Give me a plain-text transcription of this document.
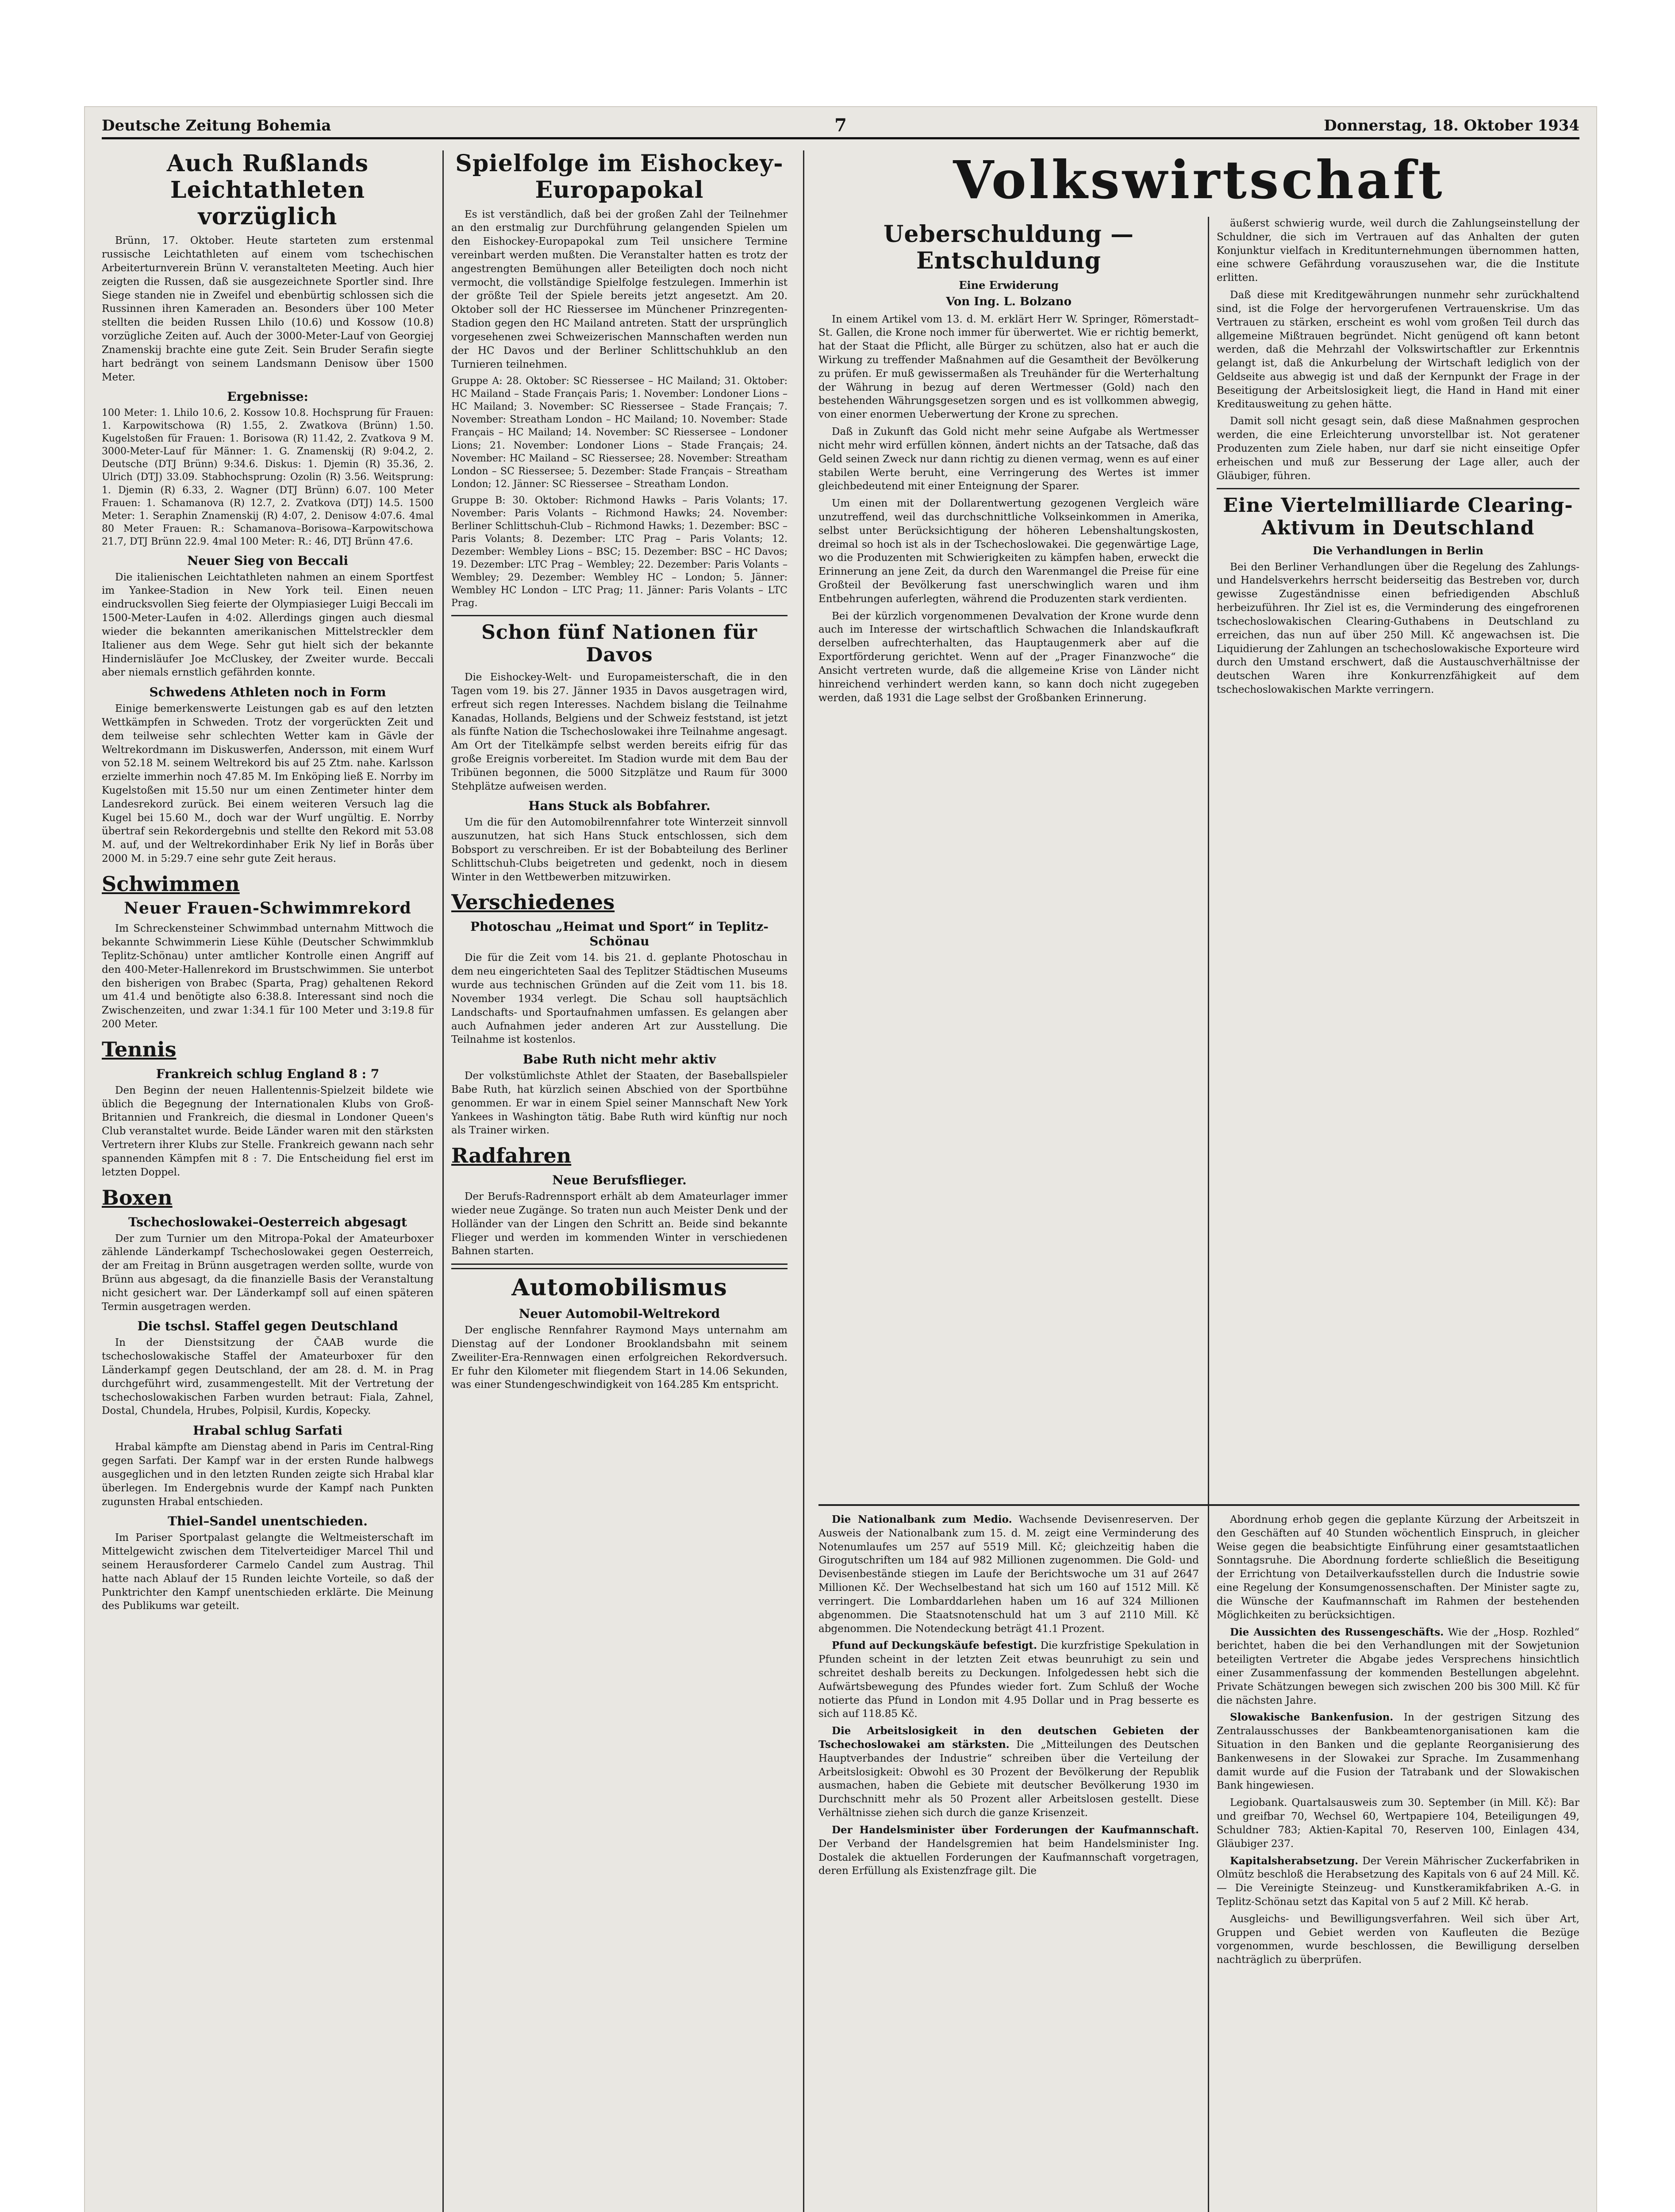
Deutsche Zeitung Bohemia	7	Donnerstag, 18. Oktober 1934
Auch Rußlands Leichtathleten vorzüglich

Brünn, 17. Oktober. Heute starteten zum erstenmal russische Leichtathleten auf einem vom tschechischen Arbeiterturnverein Brünn V. veranstalteten Meeting. Auch hier zeigten die Russen, daß sie ausgezeichnete Sportler sind. Ihre Siege standen nie in Zweifel und ebenbürtig schlossen sich die Russinnen ihren Kameraden an. Besonders über 100 Meter stellten die beiden Russen Lhilo (10.6) und Kossow (10.8) vorzügliche Zeiten auf. Auch der 3000-Meter-Lauf von Georgiej Znamenskij brachte eine gute Zeit. Sein Bruder Serafin siegte hart bedrängt von seinem Landsmann Denisow über 1500 Meter.

Ergebnisse:

100 Meter: 1. Lhilo 10.6, 2. Kossow 10.8. Hochsprung für Frauen: 1. Karpowitschowa (R) 1.55, 2. Zwatkova (Brünn) 1.50. Kugelstoßen für Frauen: 1. Borisowa (R) 11.42, 2. Zvatkova 9 M. 3000-Meter-Lauf für Männer: 1. G. Znamenskij (R) 9:04.2, 2. Deutsche (DTJ Brünn) 9:34.6. Diskus: 1. Djemin (R) 35.36, 2. Ulrich (DTJ) 33.09. Stabhochsprung: Ozolin (R) 3.56. Weitsprung: 1. Djemin (R) 6.33, 2. Wagner (DTJ Brünn) 6.07. 100 Meter Frauen: 1. Schamanova (R) 12.7, 2. Zvatkova (DTJ) 14.5. 1500 Meter: 1. Seraphin Znamenskij (R) 4:07, 2. Denisow 4:07.6. 4mal 80 Meter Frauen: R.: Schamanova–Borisowa–Karpowitschowa 21.7, DTJ Brünn 22.9. 4mal 100 Meter: R.: 46, DTJ Brünn 47.6.

Neuer Sieg von Beccali

Die italienischen Leichtathleten nahmen an einem Sportfest im Yankee-Stadion in New York teil. Einen neuen eindrucksvollen Sieg feierte der Olympiasieger Luigi Beccali im 1500-Meter-Laufen in 4:02. Allerdings gingen auch diesmal wieder die bekannten amerikanischen Mittelstreckler dem Italiener aus dem Wege. Sehr gut hielt sich der bekannte Hindernisläufer Joe McCluskey, der Zweiter wurde. Beccali aber niemals ernstlich gefährden konnte.

Schwedens Athleten noch in Form

Einige bemerkenswerte Leistungen gab es auf den letzten Wettkämpfen in Schweden. Trotz der vorgerückten Zeit und dem teilweise sehr schlechten Wetter kam in Gävle der Weltrekordmann im Diskuswerfen, Andersson, mit einem Wurf von 52.18 M. seinem Weltrekord bis auf 25 Ztm. nahe. Karlsson erzielte immerhin noch 47.85 M. Im Enköping ließ E. Norrby im Kugelstoßen mit 15.50 nur um einen Zentimeter hinter dem Landesrekord zurück. Bei einem weiteren Versuch lag die Kugel bei 15.60 M., doch war der Wurf ungültig. E. Norrby übertraf sein Rekordergebnis und stellte den Rekord mit 53.08 M. auf, und der Weltrekordinhaber Erik Ny lief in Borås über 2000 M. in 5:29.7 eine sehr gute Zeit heraus.

Schwimmen
Neuer Frauen-Schwimmrekord

Im Schreckensteiner Schwimmbad unternahm Mittwoch die bekannte Schwimmerin Liese Kühle (Deutscher Schwimmklub Teplitz-Schönau) unter amtlicher Kontrolle einen Angriff auf den 400-Meter-Hallenrekord im Brustschwimmen. Sie unterbot den bisherigen von Brabec (Sparta, Prag) gehaltenen Rekord um 41.4 und benötigte also 6:38.8. Interessant sind noch die Zwischenzeiten, und zwar 1:34.1 für 100 Meter und 3:19.8 für 200 Meter.

Tennis
Frankreich schlug England 8 : 7

Den Beginn der neuen Hallentennis-Spielzeit bildete wie üblich die Begegnung der Internationalen Klubs von Groß-Britannien und Frankreich, die diesmal in Londoner Queen's Club veranstaltet wurde. Beide Länder waren mit den stärksten Vertretern ihrer Klubs zur Stelle. Frankreich gewann nach sehr spannenden Kämpfen mit 8 : 7. Die Entscheidung fiel erst im letzten Doppel.

Boxen
Tschechoslowakei–Oesterreich abgesagt

Der zum Turnier um den Mitropa-Pokal der Amateurboxer zählende Länderkampf Tschechoslowakei gegen Oesterreich, der am Freitag in Brünn ausgetragen werden sollte, wurde von Brünn aus abgesagt, da die finanzielle Basis der Veranstaltung nicht gesichert war. Der Länderkampf soll auf einen späteren Termin ausgetragen werden.

Die tschsl. Staffel gegen Deutschland

In der Dienstsitzung der ČAAB wurde die tschechoslowakische Staffel der Amateurboxer für den Länderkampf gegen Deutschland, der am 28. d. M. in Prag durchgeführt wird, zusammengestellt. Mit der Vertretung der tschechoslowakischen Farben wurden betraut: Fiala, Zahnel, Dostal, Chundela, Hrubes, Polpisil, Kurdis, Kopecky.

Hrabal schlug Sarfati

Hrabal kämpfte am Dienstag abend in Paris im Central-Ring gegen Sarfati. Der Kampf war in der ersten Runde halbwegs ausgeglichen und in den letzten Runden zeigte sich Hrabal klar überlegen. Im Endergebnis wurde der Kampf nach Punkten zugunsten Hrabal entschieden.

Thiel–Sandel unentschieden.

Im Pariser Sportpalast gelangte die Weltmeisterschaft im Mittelgewicht zwischen dem Titelverteidiger Marcel Thil und seinem Herausforderer Carmelo Candel zum Austrag. Thil hatte nach Ablauf der 15 Runden leichte Vorteile, so daß der Punktrichter den Kampf unentschieden erklärte. Die Meinung des Publikums war geteilt.

Spielfolge im Eishockey-Europapokal

Es ist verständlich, daß bei der großen Zahl der Teilnehmer an den erstmalig zur Durchführung gelangenden Spielen um den Eishockey-Europapokal zum Teil unsichere Termine vereinbart werden mußten. Die Veranstalter hatten es trotz der angestrengten Bemühungen aller Beteiligten doch noch nicht vermocht, die vollständige Spielfolge festzulegen. Immerhin ist der größte Teil der Spiele bereits jetzt angesetzt. Am 20. Oktober soll der HC Riessersee im Münchener Prinzregenten-Stadion gegen den HC Mailand antreten. Statt der ursprünglich vorgesehenen zwei Schweizerischen Mannschaften werden nun der HC Davos und der Berliner Schlittschuhklub an den Turnieren teilnehmen.

Gruppe A: 28. Oktober: SC Riessersee – HC Mailand; 31. Oktober: HC Mailand – Stade Français Paris; 1. November: Londoner Lions – HC Mailand; 3. November: SC Riessersee – Stade Français; 7. November: Streatham London – HC Mailand; 10. November: Stade Français – HC Mailand; 14. November: SC Riessersee – Londoner Lions; 21. November: Londoner Lions – Stade Français; 24. November: HC Mailand – SC Riessersee; 28. November: Streatham London – SC Riessersee; 5. Dezember: Stade Français – Streatham London; 12. Jänner: SC Riessersee – Streatham London.

Gruppe B: 30. Oktober: Richmond Hawks – Paris Volants; 17. November: Paris Volants – Richmond Hawks; 24. November: Berliner Schlittschuh-Club – Richmond Hawks; 1. Dezember: BSC – Paris Volants; 8. Dezember: LTC Prag – Paris Volants; 12. Dezember: Wembley Lions – BSC; 15. Dezember: BSC – HC Davos; 19. Dezember: LTC Prag – Wembley; 22. Dezember: Paris Volants – Wembley; 29. Dezember: Wembley HC – London; 5. Jänner: Wembley HC London – LTC Prag; 11. Jänner: Paris Volants – LTC Prag.

Schon fünf Nationen für Davos

Die Eishockey-Welt- und Europameisterschaft, die in den Tagen vom 19. bis 27. Jänner 1935 in Davos ausgetragen wird, erfreut sich regen Interesses. Nachdem bislang die Teilnahme Kanadas, Hollands, Belgiens und der Schweiz feststand, ist jetzt als fünfte Nation die Tschechoslowakei ihre Teilnahme angesagt. Am Ort der Titelkämpfe selbst werden bereits eifrig für das große Ereignis vorbereitet. Im Stadion wurde mit dem Bau der Tribünen begonnen, die 5000 Sitzplätze und Raum für 3000 Stehplätze aufweisen werden.

Hans Stuck als Bobfahrer.

Um die für den Automobilrennfahrer tote Winterzeit sinnvoll auszunutzen, hat sich Hans Stuck entschlossen, sich dem Bobsport zu verschreiben. Er ist der Bobabteilung des Berliner Schlittschuh-Clubs beigetreten und gedenkt, noch in diesem Winter in den Wettbewerben mitzuwirken.

Verschiedenes
Photoschau „Heimat und Sport“ in Teplitz-Schönau

Die für die Zeit vom 14. bis 21. d. geplante Photoschau in dem neu eingerichteten Saal des Teplitzer Städtischen Museums wurde aus technischen Gründen auf die Zeit vom 11. bis 18. November 1934 verlegt. Die Schau soll hauptsächlich Landschafts- und Sportaufnahmen umfassen. Es gelangen aber auch Aufnahmen jeder anderen Art zur Ausstellung. Die Teilnahme ist kostenlos.

Babe Ruth nicht mehr aktiv

Der volkstümlichste Athlet der Staaten, der Baseballspieler Babe Ruth, hat kürzlich seinen Abschied von der Sportbühne genommen. Er war in einem Spiel seiner Mannschaft New York Yankees in Washington tätig. Babe Ruth wird künftig nur noch als Trainer wirken.

Radfahren
Neue Berufsflieger.

Der Berufs-Radrennsport erhält ab dem Amateurlager immer wieder neue Zugänge. So traten nun auch Meister Denk und der Holländer van der Lingen den Schritt an. Beide sind bekannte Flieger und werden im kommenden Winter in verschiedenen Bahnen starten.

Automobilismus
Neuer Automobil-Weltrekord

Der englische Rennfahrer Raymond Mays unternahm am Dienstag auf der Londoner Brooklandsbahn mit seinem Zweiliter-Era-Rennwagen einen erfolgreichen Rekordversuch. Er fuhr den Kilometer mit fliegendem Start in 14.06 Sekunden, was einer Stundengeschwindigkeit von 164.285 Km entspricht.

Volkswirtschaft
Ueberschuldung — Entschuldung
Eine Erwiderung
Von Ing. L. Bolzano

In einem Artikel vom 13. d. M. erklärt Herr W. Springer, Römerstadt–St. Gallen, die Krone noch immer für überwertet. Wie er richtig bemerkt, hat der Staat die Pflicht, alle Bürger zu schützen, also hat er auch die Wirkung zu treffender Maßnahmen auf die Gesamtheit der Bevölkerung zu prüfen. Er muß gewissermaßen als Treuhänder für die Werterhaltung der Währung in bezug auf deren Wertmesser (Gold) nach den bestehenden Währungsgesetzen sorgen und es ist vollkommen abwegig, von einer enormen Ueberwertung der Krone zu sprechen.

Daß in Zukunft das Gold nicht mehr seine Aufgabe als Wertmesser nicht mehr wird erfüllen können, ändert nichts an der Tatsache, daß das Geld seinen Zweck nur dann richtig zu dienen vermag, wenn es auf einer stabilen Werte beruht, eine Verringerung des Wertes ist immer gleichbedeutend mit einer Enteignung der Sparer.

Um einen mit der Dollarentwertung gezogenen Vergleich wäre unzutreffend, weil das durchschnittliche Volkseinkommen in Amerika, selbst unter Berücksichtigung der höheren Lebenshaltungskosten, dreimal so hoch ist als in der Tschechoslowakei. Die gegenwärtige Lage, wo die Produzenten mit Schwierigkeiten zu kämpfen haben, erweckt die Erinnerung an jene Zeit, da durch den Warenmangel die Preise für eine Großteil der Bevölkerung fast unerschwinglich waren und ihm Entbehrungen auferlegten, während die Produzenten stark verdienten.

Bei der kürzlich vorgenommenen Devalvation der Krone wurde denn auch im Interesse der wirtschaftlich Schwachen die Inlandskaufkraft derselben aufrechterhalten, das Hauptaugenmerk aber auf die Exportförderung gerichtet. Wenn auf der „Prager Finanzwoche“ die Ansicht vertreten wurde, daß die allgemeine Krise von Länder nicht hinreichend verhindert werden kann, so kann doch nicht zugegeben werden, daß 1931 die Lage selbst der Großbanken Erinnerung.

äußerst schwierig wurde, weil durch die Zahlungseinstellung der Schuldner, die sich im Vertrauen auf das Anhalten der guten Konjunktur vielfach in Kreditunternehmungen übernommen hatten, eine schwere Gefährdung vorauszusehen war, die die Institute erlitten.

Daß diese mit Kreditgewährungen nunmehr sehr zurückhaltend sind, ist die Folge der hervorgerufenen Vertrauenskrise. Um das Vertrauen zu stärken, erscheint es wohl vom großen Teil durch das allgemeine Mißtrauen begründet. Nicht genügend oft kann betont werden, daß die Mehrzahl der Volkswirtschaftler zur Erkenntnis gelangt ist, daß die Ankurbelung der Wirtschaft lediglich von der Geldseite aus abwegig ist und daß der Kernpunkt der Frage in der Beseitigung der Arbeitslosigkeit liegt, die Hand in Hand mit einer Kreditausweitung zu gehen hätte.

Damit soll nicht gesagt sein, daß diese Maßnahmen gesprochen werden, die eine Erleichterung unvorstellbar ist. Not geratener Produzenten zum Ziele haben, nur darf sie nicht einseitige Opfer erheischen und muß zur Besserung der Lage aller, auch der Gläubiger, führen.

Eine Viertelmilliarde Clearing-Aktivum in Deutschland
Die Verhandlungen in Berlin

Bei den Berliner Verhandlungen über die Regelung des Zahlungs- und Handelsverkehrs herrscht beiderseitig das Bestreben vor, durch gewisse Zugeständnisse einen befriedigenden Abschluß herbeizuführen. Ihr Ziel ist es, die Verminderung des eingefrorenen tschechoslowakischen Clearing-Guthabens in Deutschland zu erreichen, das nun auf über 250 Mill. Kč angewachsen ist. Die Liquidierung der Zahlungen an tschechoslowakische Exporteure wird durch den Umstand erschwert, daß die Austauschverhältnisse der deutschen Waren ihre Konkurrenzfähigkeit auf dem tschechoslowakischen Markte verringern.

Die Nationalbank zum Medio. Wachsende Devisenreserven. Der Ausweis der Nationalbank zum 15. d. M. zeigt eine Verminderung des Notenumlaufes um 257 auf 5519 Mill. Kč; gleichzeitig haben die Girogutschriften um 184 auf 982 Millionen zugenommen. Die Gold- und Devisenbestände stiegen im Laufe der Berichtswoche um 31 auf 2647 Millionen Kč. Der Wechselbestand hat sich um 160 auf 1512 Mill. Kč verringert. Die Lombarddarlehen haben um 16 auf 324 Millionen abgenommen. Die Staatsnotenschuld hat um 3 auf 2110 Mill. Kč abgenommen. Die Notendeckung beträgt 41.1 Prozent.

Pfund auf Deckungskäufe befestigt. Die kurzfristige Spekulation in Pfunden scheint in der letzten Zeit etwas beunruhigt zu sein und schreitet deshalb bereits zu Deckungen. Infolgedessen hebt sich die Aufwärtsbewegung des Pfundes wieder fort. Zum Schluß der Woche notierte das Pfund in London mit 4.95 Dollar und in Prag besserte es sich auf 118.85 Kč.

Die Arbeitslosigkeit in den deutschen Gebieten der Tschechoslowakei am stärksten. Die „Mitteilungen des Deutschen Hauptverbandes der Industrie“ schreiben über die Verteilung der Arbeitslosigkeit: Obwohl es 30 Prozent der Bevölkerung der Republik ausmachen, haben die Gebiete mit deutscher Bevölkerung 1930 im Durchschnitt mehr als 50 Prozent aller Arbeitslosen gestellt. Diese Verhältnisse ziehen sich durch die ganze Krisenzeit.

Der Handelsminister über Forderungen der Kaufmannschaft. Der Verband der Handelsgremien hat beim Handelsminister Ing. Dostalek die aktuellen Forderungen der Kaufmannschaft vorgetragen, deren Erfüllung als Existenzfrage gilt. Die

Abordnung erhob gegen die geplante Kürzung der Arbeitszeit in den Geschäften auf 40 Stunden wöchentlich Einspruch, in gleicher Weise gegen die beabsichtigte Einführung einer gesamtstaatlichen Sonntagsruhe. Die Abordnung forderte schließlich die Beseitigung der Errichtung von Detailverkaufsstellen durch die Industrie sowie eine Regelung der Konsumgenossenschaften. Der Minister sagte zu, die Wünsche der Kaufmannschaft im Rahmen der bestehenden Möglichkeiten zu berücksichtigen.

Die Aussichten des Russengeschäfts. Wie der „Hosp. Rozhled“ berichtet, haben die bei den Verhandlungen mit der Sowjetunion beteiligten Vertreter die Abgabe jedes Versprechens hinsichtlich einer Zusammenfassung der kommenden Bestellungen abgelehnt. Private Schätzungen bewegen sich zwischen 200 bis 300 Mill. Kč für die nächsten Jahre.

Slowakische Bankenfusion. In der gestrigen Sitzung des Zentralausschusses der Bankbeamtenorganisationen kam die Situation in den Banken und die geplante Reorganisierung des Bankenwesens in der Slowakei zur Sprache. Im Zusammenhang damit wurde auf die Fusion der Tatrabank und der Slowakischen Bank hingewiesen.

Legiobank. Quartalsausweis zum 30. September (in Mill. Kč): Bar und greifbar 70, Wechsel 60, Wertpapiere 104, Beteiligungen 49, Schuldner 783; Aktien-Kapital 70, Reserven 100, Einlagen 434, Gläubiger 237.

Kapitalsherabsetzung. Der Verein Mährischer Zuckerfabriken in Olmütz beschloß die Herabsetzung des Kapitals von 6 auf 24 Mill. Kč. — Die Vereinigte Steinzeug- und Kunstkeramikfabriken A.-G. in Teplitz-Schönau setzt das Kapital von 5 auf 2 Mill. Kč herab.

Ausgleichs- und Bewilligungsverfahren. Weil sich über Art, Gruppen und Gebiet werden von Kaufleuten die Bezüge vorgenommen, wurde beschlossen, die Bewilligung derselben nachträglich zu überprüfen.
